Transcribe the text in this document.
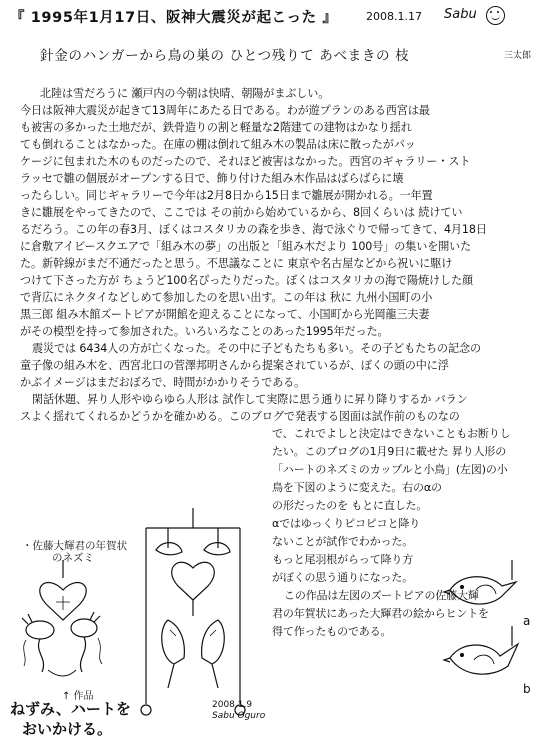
『 1995年1月17日、阪神大震災が起こった 』	2008.1.17 Sabu
針金のハンガーから鳥の巣の ひとつ残りて あべまきの 枝	三太郎
北陸は雪だろうに 瀬戸内の今朝は快晴、朝陽がまぶしい。
今日は阪神大震災が起きて13周年にあたる日である。わが遊プランのある西宮は最
も被害の多かった土地だが、鉄骨造りの割と軽量な2階建ての建物はかなり揺れ
ても倒れることはなかった。在庫の棚は倒れて組み木の製品は床に散ったがパッ
ケージに包まれた木のものだったので、それほど被害はなかった。西宮のギャラリー・スト
ラッセで雛の個展がオープンする日で、飾り付けた組み木作品はばらばらに壊
ったらしい。同じギャラリーで今年は2月8日から15日まで雛展が開かれる。一年置
きに雛展をやってきたので、ここでは その前から始めているから、8回くらいは 続けてい
るだろう。この年の春3月、ぼくはコスタリカの森を歩き、海で泳ぐりで帰ってきて、4月18日
に倉敷アイビースクエアで「組み木の夢」の出版と「組み木だより 100号」の集いを開いた
た。新幹線がまだ不通だったと思う。不思議なことに 東京や名古屋などから祝いに駆け
つけて下さった方が ちょうど100名ぴったりだった。ぼくはコスタリカの海で陽焼けした顔
で背広にネクタイなどしめて参加したのを思い出す。この年は 秋に 九州小国町の小
黒三郎 組み木館ズートピアが開館を迎えることになって、小国町から光岡龍三夫妻
がその模型を持って参加された。いろいろなことのあった1995年だった。
震災では 6434人の方が亡くなった。その中に子どもたちも多い。その子どもたちの記念の
童子像の組み木を、西宮北口の菅澤邦明さんから提案されているが、ぼくの頭の中に浮
かぶイメージはまだおぼろで、時間がかかりそうである。
閑話休題、昇り人形やゆらゆら人形は 試作して実際に思う通りに昇り降りするか バラン
スよく揺れてくれるかどうかを確かめる。このブログで発表する図面は試作前のものなの
で、これでよしと決定はできないこともお断りし
たい。このブログの1月9日に載せた 昇り人形の
「ハートのネズミのカップルと小鳥」(左図)の小
鳥を下図のように変えた。右のαの
の形だったのを もとに直した。
αではゆっくりピコピコと降り
ないことが試作でわかった。
もっと尾羽根がらって降り方
がぼくの思う通りになった。
この作品は左図のズートピアの佐藤大輝
君の年賀状にあった大輝君の絵からヒントを
得て作ったものである。
・佐藤大輝君の年賀状
のネズミ
↑ 作品
ねずみ、ハートを
おいかける。
2008.1.9
Sabu Oguro
a
b
